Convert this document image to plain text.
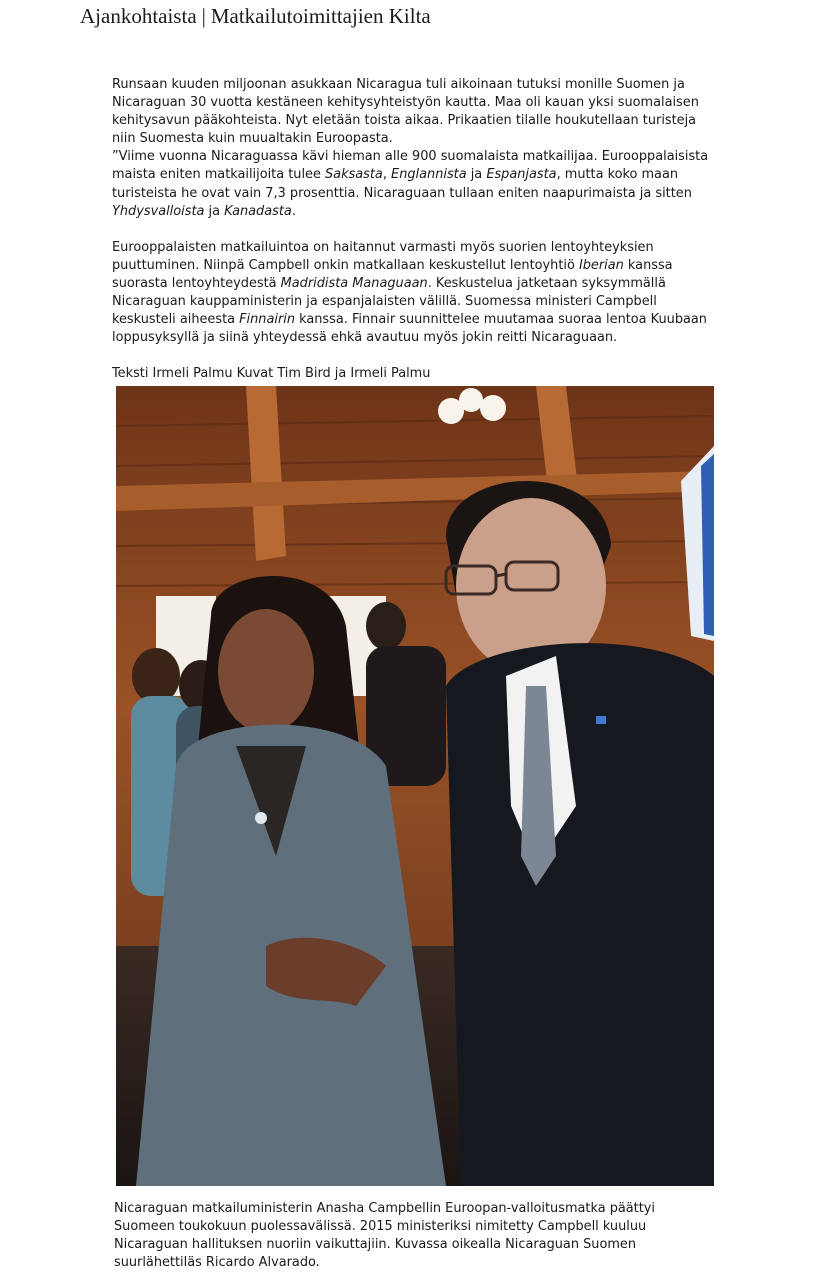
Ajankohtaista | Matkailutoimittajien Kilta

Runsaan kuuden miljoonan asukkaan Nicaragua tuli aikoinaan tutuksi monille Suomen ja Nicaraguan 30 vuotta kestäneen kehitysyhteistyön kautta. Maa oli kauan yksi suomalaisen kehitysavun pääkohteista. Nyt eletään toista aikaa. Prikaatien tilalle houkutellaan turisteja niin Suomesta kuin muualtakin Euroopasta.

”Viime vuonna Nicaraguassa kävi hieman alle 900 suomalaista matkailijaa. Eurooppalaisista maista eniten matkailijoita tulee Saksasta, Englannista ja Espanjasta, mutta koko maan turisteista he ovat vain 7,3 prosenttia. Nicaraguaan tullaan eniten naapurimaista ja sitten Yhdysvalloista ja Kanadasta.

Eurooppalaisten matkailuintoa on haitannut varmasti myös suorien lentoyhteyksien puuttuminen. Niinpä Campbell onkin matkallaan keskustellut lentoyhtiö Iberian kanssa suorasta lentoyhteydestä Madridista Managuaan. Keskustelua jatketaan syksymmällä Nicaraguan kauppaministerin ja espanjalaisten välillä. Suomessa ministeri Campbell keskusteli aiheesta Finnairin kanssa. Finnair suunnittelee muutamaa suoraa lentoa Kuubaan loppusyksyllä ja siinä yhteydessä ehkä avautuu myös jokin reitti Nicaraguaan.

Teksti Irmeli Palmu Kuvat Tim Bird ja Irmeli Palmu

Nicaraguan matkailuministerin Anasha Campbellin Euroopan-valloitusmatka päättyi Suomeen toukokuun puolessavälissä. 2015 ministeriksi nimitetty Campbell kuuluu Nicaraguan hallituksen nuoriin vaikuttajiin. Kuvassa oikealla Nicaraguan Suomen suurlähettiläs Ricardo Alvarado.
